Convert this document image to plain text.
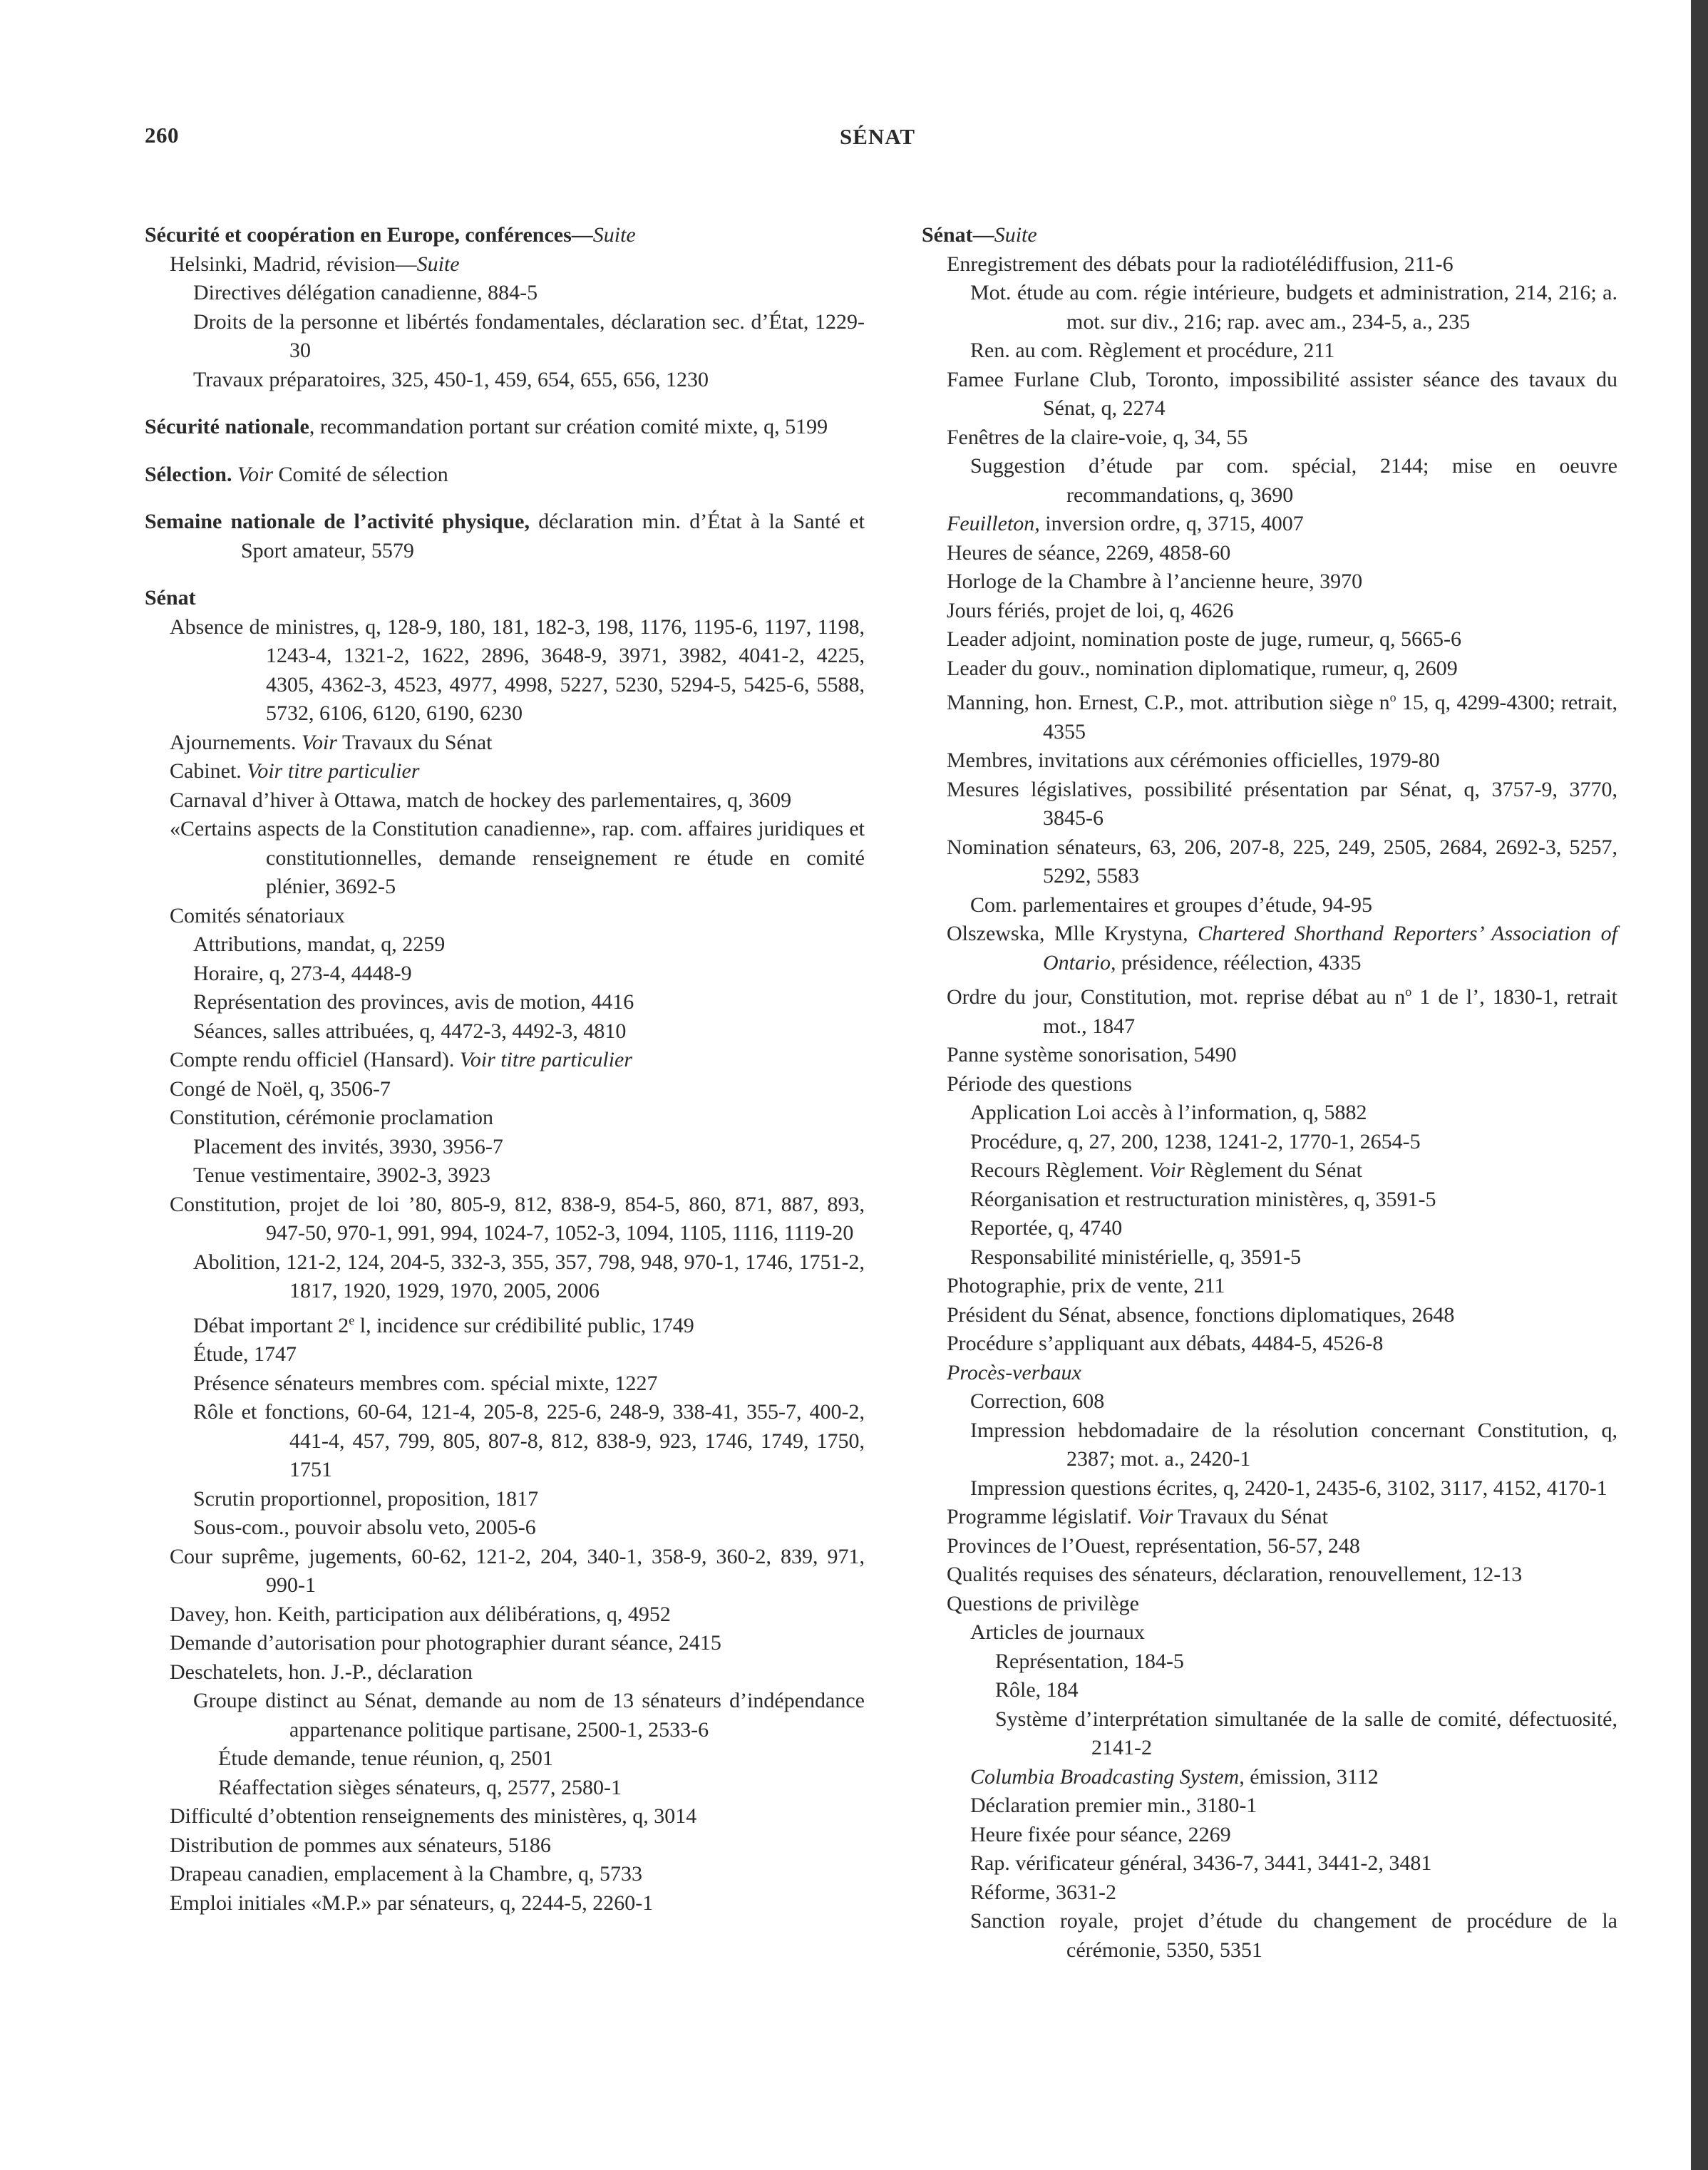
260	SÉNAT

Sécurité et coopération en Europe, conférences—Suite

Helsinki, Madrid, révision—Suite

Directives délégation canadienne, 884-5

Droits de la personne et libértés fondamentales, déclaration sec. d’État, 1229-30

Travaux préparatoires, 325, 450-1, 459, 654, 655, 656, 1230

Sécurité nationale, recommandation portant sur création comité mixte, q, 5199

Sélection. Voir Comité de sélection

Semaine nationale de l’activité physique, déclaration min. d’État à la Santé et Sport amateur, 5579

Sénat

Absence de ministres, q, 128-9, 180, 181, 182-3, 198, 1176, 1195-6, 1197, 1198, 1243-4, 1321-2, 1622, 2896, 3648-9, 3971, 3982, 4041-2, 4225, 4305, 4362-3, 4523, 4977, 4998, 5227, 5230, 5294-5, 5425-6, 5588, 5732, 6106, 6120, 6190, 6230

Ajournements. Voir Travaux du Sénat

Cabinet. Voir titre particulier

Carnaval d’hiver à Ottawa, match de hockey des parlementaires, q, 3609

«Certains aspects de la Constitution canadienne», rap. com. affaires juridiques et constitutionnelles, demande renseignement re étude en comité plénier, 3692-5

Comités sénatoriaux

Attributions, mandat, q, 2259

Horaire, q, 273-4, 4448-9

Représentation des provinces, avis de motion, 4416

Séances, salles attribuées, q, 4472-3, 4492-3, 4810

Compte rendu officiel (Hansard). Voir titre particulier

Congé de Noël, q, 3506-7

Constitution, cérémonie proclamation

Placement des invités, 3930, 3956-7

Tenue vestimentaire, 3902-3, 3923

Constitution, projet de loi ’80, 805-9, 812, 838-9, 854-5, 860, 871, 887, 893, 947-50, 970-1, 991, 994, 1024-7, 1052-3, 1094, 1105, 1116, 1119-20

Abolition, 121-2, 124, 204-5, 332-3, 355, 357, 798, 948, 970-1, 1746, 1751-2, 1817, 1920, 1929, 1970, 2005, 2006

Débat important 2e l, incidence sur crédibilité public, 1749

Étude, 1747

Présence sénateurs membres com. spécial mixte, 1227

Rôle et fonctions, 60-64, 121-4, 205-8, 225-6, 248-9, 338-41, 355-7, 400-2, 441-4, 457, 799, 805, 807-8, 812, 838-9, 923, 1746, 1749, 1750, 1751

Scrutin proportionnel, proposition, 1817

Sous-com., pouvoir absolu veto, 2005-6

Cour suprême, jugements, 60-62, 121-2, 204, 340-1, 358-9, 360-2, 839, 971, 990-1

Davey, hon. Keith, participation aux délibérations, q, 4952

Demande d’autorisation pour photographier durant séance, 2415

Deschatelets, hon. J.-P., déclaration

Groupe distinct au Sénat, demande au nom de 13 sénateurs d’indépendance appartenance politique partisane, 2500-1, 2533-6

Étude demande, tenue réunion, q, 2501

Réaffectation sièges sénateurs, q, 2577, 2580-1

Difficulté d’obtention renseignements des ministères, q, 3014

Distribution de pommes aux sénateurs, 5186

Drapeau canadien, emplacement à la Chambre, q, 5733

Emploi initiales «M.P.» par sénateurs, q, 2244-5, 2260-1

Sénat—Suite

Enregistrement des débats pour la radiotélédiffusion, 211-6

Mot. étude au com. régie intérieure, budgets et administration, 214, 216; a. mot. sur div., 216; rap. avec am., 234-5, a., 235

Ren. au com. Règlement et procédure, 211

Famee Furlane Club, Toronto, impossibilité assister séance des tavaux du Sénat, q, 2274

Fenêtres de la claire-voie, q, 34, 55

Suggestion d’étude par com. spécial, 2144; mise en oeuvre recommandations, q, 3690

Feuilleton, inversion ordre, q, 3715, 4007

Heures de séance, 2269, 4858-60

Horloge de la Chambre à l’ancienne heure, 3970

Jours fériés, projet de loi, q, 4626

Leader adjoint, nomination poste de juge, rumeur, q, 5665-6

Leader du gouv., nomination diplomatique, rumeur, q, 2609

Manning, hon. Ernest, C.P., mot. attribution siège $n^o$ 15, q, 4299-4300; retrait, 4355

Membres, invitations aux cérémonies officielles, 1979-80

Mesures législatives, possibilité présentation par Sénat, q, 3757-9, 3770, 3845-6

Nomination sénateurs, 63, 206, 207-8, 225, 249, 2505, 2684, 2692-3, 5257, 5292, 5583

Com. parlementaires et groupes d’étude, 94-95

Olszewska, Mlle Krystyna, Chartered Shorthand Reporters’ Association of Ontario, présidence, réélection, 4335

Ordre du jour, Constitution, mot. reprise débat au $n^o$ 1 de l’, 1830-1, retrait mot., 1847

Panne système sonorisation, 5490

Période des questions

Application Loi accès à l’information, q, 5882

Procédure, q, 27, 200, 1238, 1241-2, 1770-1, 2654-5

Recours Règlement. Voir Règlement du Sénat

Réorganisation et restructuration ministères, q, 3591-5

Reportée, q, 4740

Responsabilité ministérielle, q, 3591-5

Photographie, prix de vente, 211

Président du Sénat, absence, fonctions diplomatiques, 2648

Procédure s’appliquant aux débats, 4484-5, 4526-8

Procès-verbaux

Correction, 608

Impression hebdomadaire de la résolution concernant Constitution, q, 2387; mot. a., 2420-1

Impression questions écrites, q, 2420-1, 2435-6, 3102, 3117, 4152, 4170-1

Programme législatif. Voir Travaux du Sénat

Provinces de l’Ouest, représentation, 56-57, 248

Qualités requises des sénateurs, déclaration, renouvellement, 12-13

Questions de privilège

Articles de journaux

Représentation, 184-5

Rôle, 184

Système d’interprétation simultanée de la salle de comité, défectuosité, 2141-2

Columbia Broadcasting System, émission, 3112

Déclaration premier min., 3180-1

Heure fixée pour séance, 2269

Rap. vérificateur général, 3436-7, 3441, 3441-2, 3481

Réforme, 3631-2

Sanction royale, projet d’étude du changement de procédure de la cérémonie, 5350, 5351
